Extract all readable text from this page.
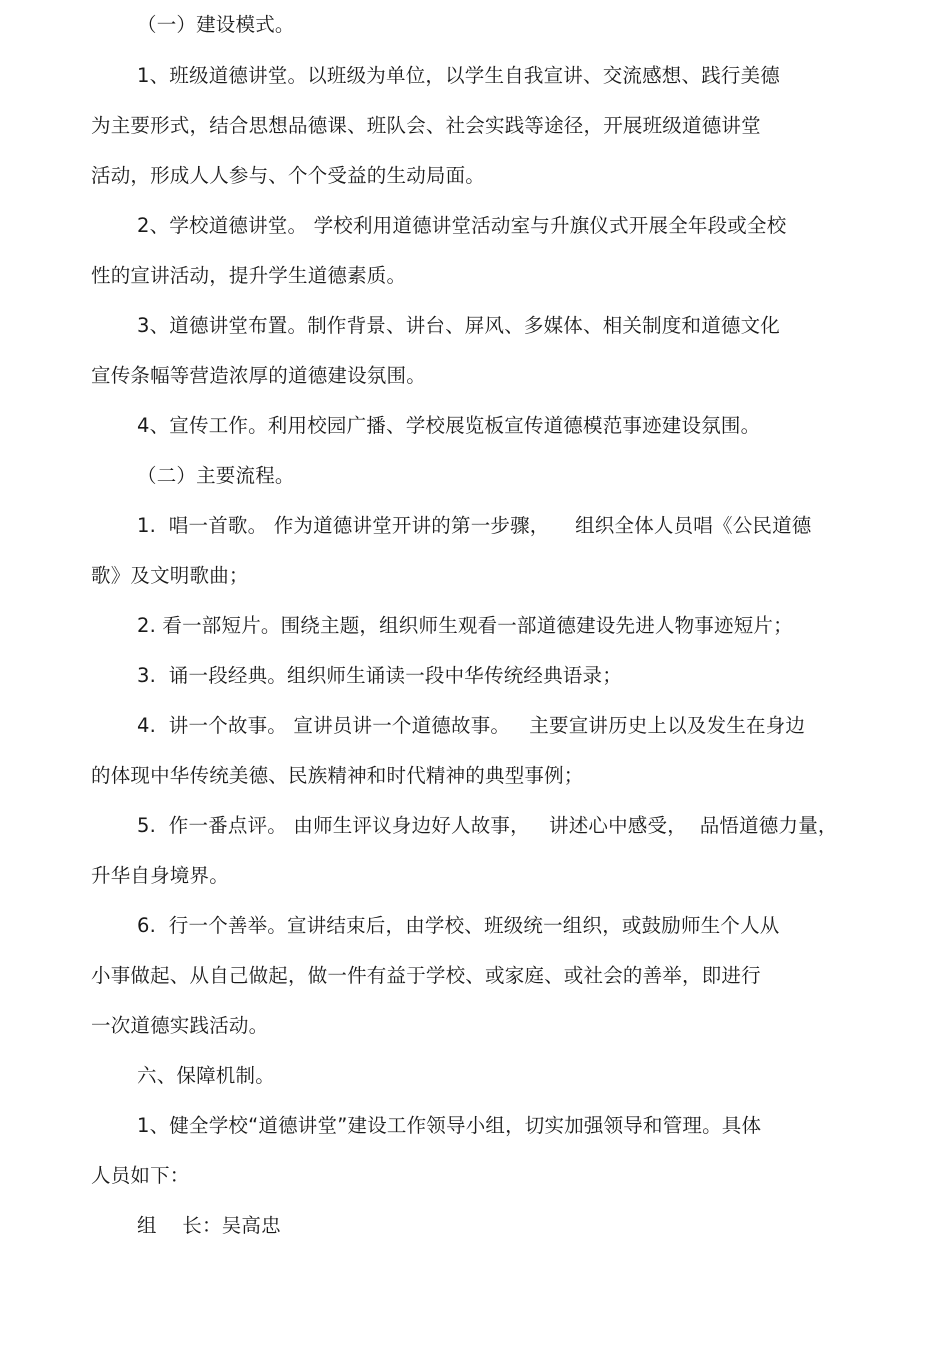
（一）建设模式。
1、班级道德讲堂。以班级为单位，以学生自我宣讲、交流感想、践行美德
为主要形式，结合思想品德课、班队会、社会实践等途径，开展班级道德讲堂
活动，形成人人参与、个个受益的生动局面。
2、学校道德讲堂。 学校利用道德讲堂活动室与升旗仪式开展全年段或全校
性的宣讲活动，提升学生道德素质。
3、道德讲堂布置。制作背景、讲台、屏风、多媒体、相关制度和道德文化
宣传条幅等营造浓厚的道德建设氛围。
4、宣传工作。利用校园广播、学校展览板宣传道德模范事迹建设氛围。
（二）主要流程。
1.  唱一首歌。 作为道德讲堂开讲的第一步骤，    组织全体人员唱《公民道德
歌》及文明歌曲；
2. 看一部短片。围绕主题，组织师生观看一部道德建设先进人物事迹短片；
3.  诵一段经典。组织师生诵读一段中华传统经典语录；
4.  讲一个故事。 宣讲员讲一个道德故事。   主要宣讲历史上以及发生在身边
的体现中华传统美德、民族精神和时代精神的典型事例；
5.  作一番点评。 由师生评议身边好人故事，   讲述心中感受，  品悟道德力量，
升华自身境界。
6.  行一个善举。宣讲结束后，由学校、班级统一组织，或鼓励师生个人从
小事做起、从自己做起，做一件有益于学校、或家庭、或社会的善举，即进行
一次道德实践活动。
六、保障机制。
1、健全学校“道德讲堂”建设工作领导小组，切实加强领导和管理。具体
人员如下：
组    长：吴高忠
